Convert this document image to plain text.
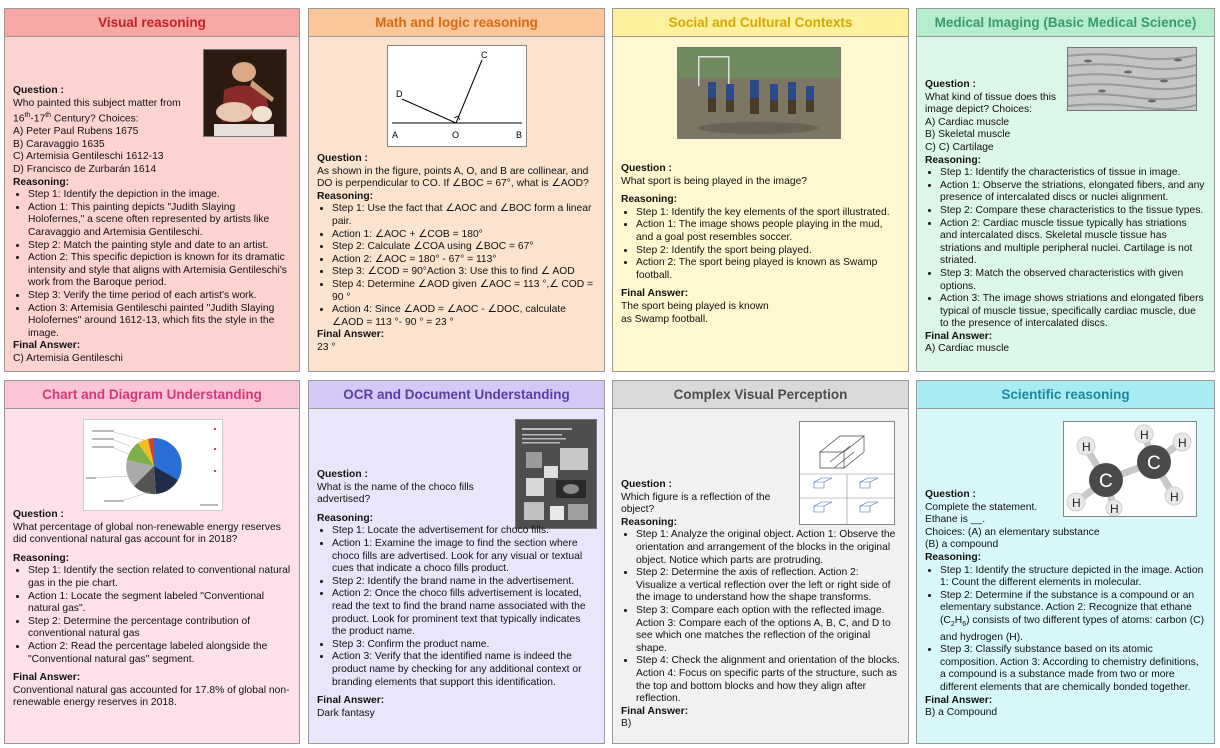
Visual reasoning
Question :
Who painted this subject matter from
16th-17th Century? Choices:
A) Peter Paul Rubens 1675
B) Caravaggio 1635
C) Artemisia Gentileschi 1612-13
D) Francisco de Zurbarán 1614
Reasoning:
• Step 1: Identify the depiction in the image.
• Action 1: This painting depicts "Judith Slaying Holofernes," a scene often represented by artists like Caravaggio and Artemisia Gentileschi.
• Step 2: Match the painting style and date to an artist.
• Action 2: This specific depiction is known for its dramatic intensity and style that aligns with Artemisia Gentileschi's work from the Baroque period.
• Step 3: Verify the time period of each artist's work.
• Action 3: Artemisia Gentileschi painted "Judith Slaying Holofernes" around 1612-13, which fits the style in the image.
Final Answer:
C) Artemisia Gentileschi
Math and logic reasoning
A	O	B
C
D
Question :
As shown in the figure, points A, O, and B are collinear, and DO is perpendicular to CO. If ∠BOC = 67°, what is ∠AOD?
Reasoning:
• Step 1: Use the fact that ∠AOC and ∠BOC form a linear pair.
• Action 1: ∠AOC + ∠COB = 180°
• Step 2: Calculate ∠COA using ∠BOC = 67°
• Action 2: ∠AOC = 180° - 67° = 113°
• Step 3: ∠COD = 90°Action 3: Use this to find ∠ AOD
• Step 4: Determine ∠AOD given ∠AOC = 113 °,∠ COD = 90 °
• Action 4: Since ∠AOD = ∠AOC - ∠DOC, calculate ∠AOD = 113 °- 90 ° = 23 °
Final Answer:
23 °
Social and Cultural Contexts
Question :
What sport is being played in the image?
Reasoning:
• Step 1: Identify the key elements of the sport illustrated.
• Action 1: The image shows people playing in the mud, and a goal post resembles soccer.
• Step 2: Identify the sport being played.
• Action 2: The sport being played is known as Swamp football.
Final Answer:
The sport being played is known
as Swamp football.
Medical Imaging (Basic Medical Science)
Question :
What kind of tissue does this
image depict? Choices:
A) Cardiac muscle
B) Skeletal muscle
C) C) Cartilage
Reasoning:
• Step 1: Identify the characteristics of tissue in image.
• Action 1: Observe the striations, elongated fibers, and any presence of intercalated discs or nuclei alignment.
• Step 2: Compare these characteristics to the tissue types.
• Action 2: Cardiac muscle tissue typically has striations and intercalated discs. Skeletal muscle tissue has striations and multiple peripheral nuclei. Cartilage is not striated.
• Step 3: Match the observed characteristics with given options.
• Action 3: The image shows striations and elongated fibers typical of muscle tissue, specifically cardiac muscle, due to the presence of intercalated discs.
Final Answer:
A) Cardiac muscle
Chart and Diagram Understanding
Question :
What percentage of global non-renewable energy reserves did conventional natural gas account for in 2018?
Reasoning:
• Step 1: Identify the section related to conventional natural gas in the pie chart.
• Action 1: Locate the segment labeled "Conventional natural gas".
• Step 2: Determine the percentage contribution of conventional natural gas
• Action 2: Read the percentage labeled alongside the "Conventional natural gas" segment.
Final Answer:
Conventional natural gas accounted for 17.8% of global non-renewable energy reserves in 2018.
OCR and Document Understanding
Question :
What is the name of the choco fills advertised?
Reasoning:
• Step 1: Locate the advertisement for choco fills.
• Action 1: Examine the image to find the section where choco fills are advertised. Look for any visual or textual cues that indicate a choco fills product.
• Step 2: Identify the brand name in the advertisement.
• Action 2: Once the choco fills advertisement is located, read the text to find the brand name associated with the product. Look for prominent text that typically indicates the product name.
• Step 3: Confirm the product name.
• Action 3: Verify that the identified name is indeed the product name by checking for any additional context or branding elements that support this identification.
Final Answer:
Dark fantasy
Complex Visual Perception
Question :
Which figure is a reflection of the object?
Reasoning:
• Step 1: Analyze the original object. Action 1: Observe the orientation and arrangement of the blocks in the original object. Notice which parts are protruding.
• Step 2: Determine the axis of reflection. Action 2: Visualize a vertical reflection over the left or right side of the image to understand how the shape transforms.
• Step 3: Compare each option with the reflected image. Action 3: Compare each of the options A, B, C, and D to see which one matches the reflection of the original shape.
• Step 4: Check the alignment and orientation of the blocks. Action 4: Focus on specific parts of the structure, such as the top and bottom blocks and how they align after reflection.
Final Answer:
B)
Scientific reasoning
C
C
H
H H
H
H
H
Question :
Complete the statement.
Ethane is __.
Choices: (A) an elementary substance
(B) a compound
Reasoning:
• Step 1: Identify the structure depicted in the image. Action 1: Count the different elements in molecular.
• Step 2: Determine if the substance is a compound or an elementary substance. Action 2: Recognize that ethane $(C_2H_6)$ consists of two different types of atoms: carbon (C) and hydrogen (H).
• Step 3: Classify substance based on its atomic composition. Action 3: According to chemistry definitions, a compound is a substance made from two or more different elements that are chemically bonded together.
Final Answer:
B) a Compound
